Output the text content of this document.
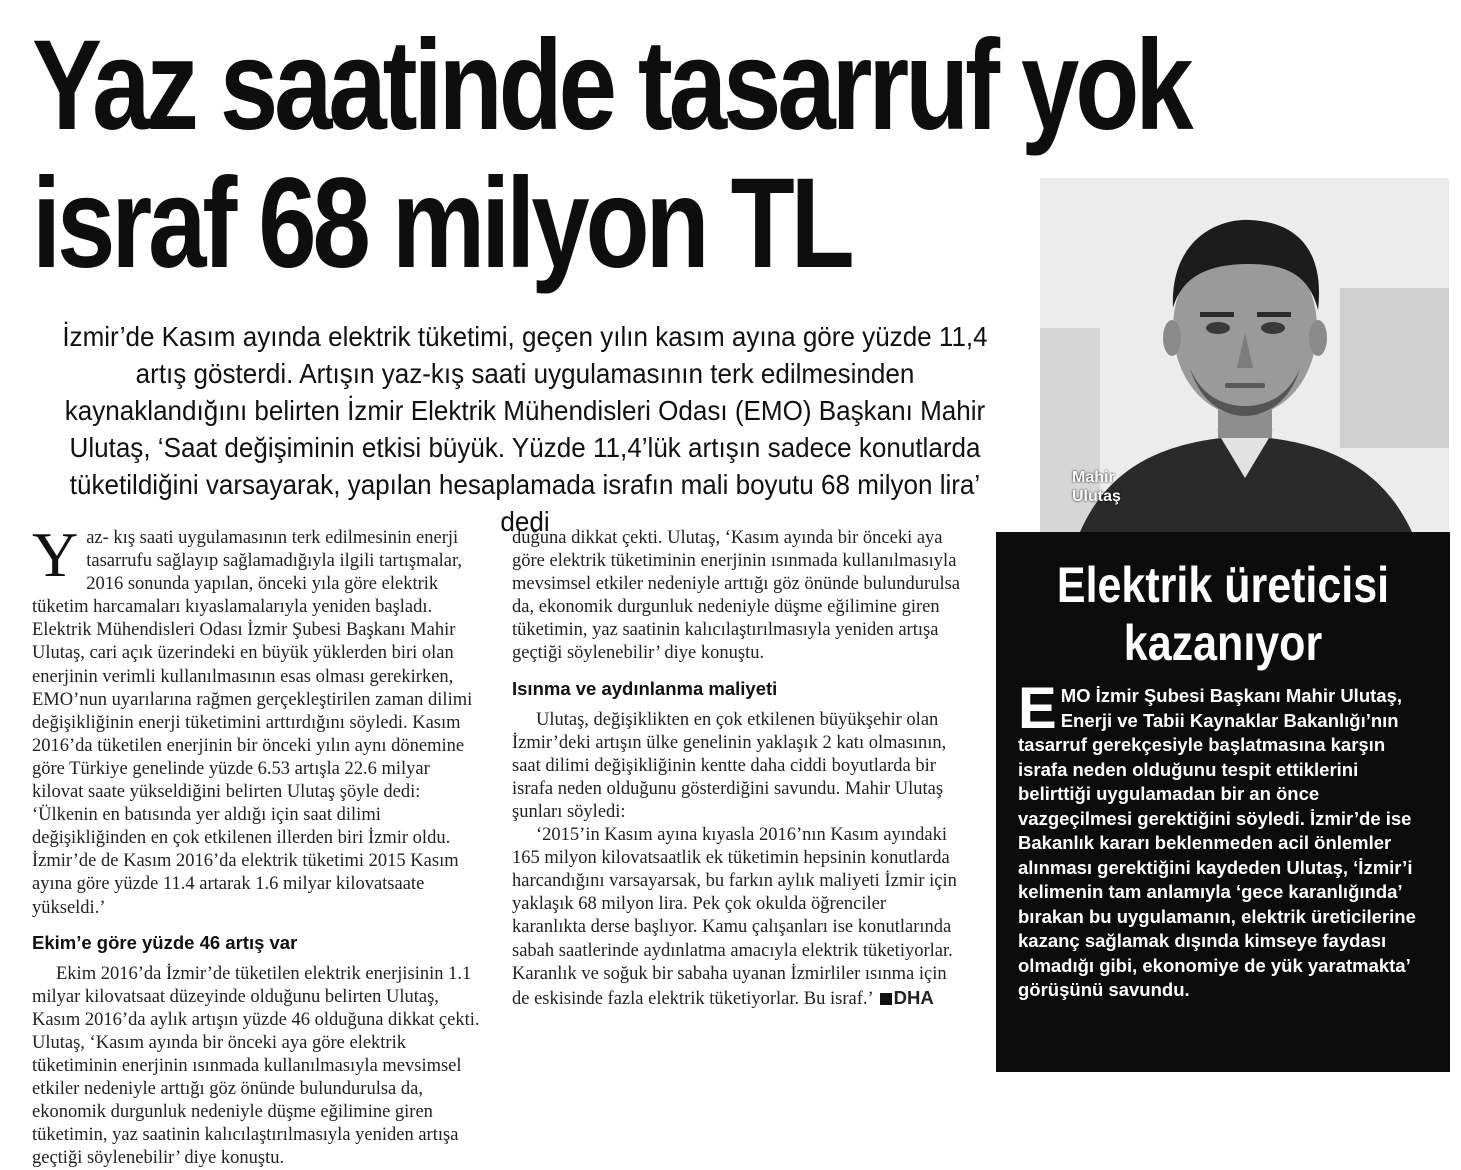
Yaz saatinde tasarruf yok
israf 68 milyon TL
Mahir
Ulutaş
İzmir’de Kasım ayında elektrik tüketimi, geçen yılın kasım ayına göre yüzde 11,4 artış gösterdi. Artışın yaz-kış saati uygulamasının terk edilmesinden kaynaklandığını belirten İzmir Elektrik Mühendisleri Odası (EMO) Başkanı Mahir Ulutaş, ‘Saat değişiminin etkisi büyük. Yüzde 11,4’lük artışın sadece konutlarda tüketildiğini varsayarak, yapılan hesaplamada israfın mali boyutu 68 milyon lira’ dedi

Yaz- kış saati uygulamasının terk edilmesinin enerji tasarrufu sağlayıp sağlamadığıyla ilgili tartışmalar, 2016 sonunda yapılan, önceki yıla göre elektrik tüketim harcamaları kıyaslamalarıyla yeniden başladı. Elektrik Mühendisleri Odası İzmir Şubesi Başkanı Mahir Ulutaş, cari açık üzerindeki en büyük yüklerden biri olan enerjinin verimli kullanılmasının esas olması gerekirken, EMO’nun uyarılarına rağmen gerçekleştirilen zaman dilimi değişikliğinin enerji tüketimini arttırdığını söyledi. Kasım 2016’da tüketilen enerjinin bir önceki yılın aynı dönemine göre Türkiye genelinde yüzde 6.53 artışla 22.6 milyar kilovat saate yükseldiğini belirten Ulutaş şöyle dedi: ‘Ülkenin en batısında yer aldığı için saat dilimi değişikliğinden en çok etkilenen illerden biri İzmir oldu. İzmir’de de Kasım 2016’da elektrik tüketimi 2015 Kasım ayına göre yüzde 11.4 artarak 1.6 milyar kilovatsaate yükseldi.’

Ekim’e göre yüzde 46 artış var

Ekim 2016’da İzmir’de tüketilen elektrik enerjisinin 1.1 milyar kilovatsaat düzeyinde olduğunu belirten Ulutaş, Kasım 2016’da aylık artışın yüzde 46 olduğuna dikkat çekti. Ulutaş, ‘Kasım ayında bir önceki aya göre elektrik tüketiminin enerjinin ısınmada kullanılmasıyla mevsimsel etkiler nedeniyle arttığı göz önünde bulundurulsa da, ekonomik durgunluk nedeniyle düşme eğilimine giren tüketimin, yaz saatinin kalıcılaştırılmasıyla yeniden artışa geçtiği söylenebilir’ diye konuştu.

duğuna dikkat çekti. Ulutaş, ‘Kasım ayında bir önceki aya göre elektrik tüketiminin enerjinin ısınmada kullanılmasıyla mevsimsel etkiler nedeniyle arttığı göz önünde bulundurulsa da, ekonomik durgunluk nedeniyle düşme eğilimine giren tüketimin, yaz saatinin kalıcılaştırılmasıyla yeniden artışa geçtiği söylenebilir’ diye konuştu.

Isınma ve aydınlanma maliyeti

Ulutaş, değişiklikten en çok etkilenen büyükşehir olan İzmir’deki artışın ülke genelinin yaklaşık 2 katı olmasının, saat dilimi değişikliğinin kentte daha ciddi boyutlarda bir israfa neden olduğunu gösterdiğini savundu. Mahir Ulutaş şunları söyledi:

‘2015’in Kasım ayına kıyasla 2016’nın Kasım ayındaki 165 milyon kilovatsaatlik ek tüketimin hepsinin konutlarda harcandığını varsayarsak, bu farkın aylık maliyeti İzmir için yaklaşık 68 milyon lira. Pek çok okulda öğrenciler karanlıkta derse başlıyor. Kamu çalışanları ise konutlarında sabah saatlerinde aydınlatma amacıyla elektrik tüketiyorlar. Karanlık ve soğuk bir sabaha uyanan İzmirliler ısınma için de eskisinde fazla elektrik tüketiyorlar. Bu israf.’ DHA

Elektrik üreticisi
kazanıyor
EMO İzmir Şubesi Başkanı Mahir Ulutaş, Enerji ve Tabii Kaynaklar Bakanlığı’nın tasarruf gerekçesiyle başlatmasına karşın israfa neden olduğunu tespit ettiklerini belirttiği uygulamadan bir an önce vazgeçilmesi gerektiğini söyledi. İzmir’de ise Bakanlık kararı beklenmeden acil önlemler alınması gerektiğini kaydeden Ulutaş, ‘İzmir’i kelimenin tam anlamıyla ‘gece karanlığında’ bırakan bu uygulamanın, elektrik üreticilerine kazanç sağlamak dışında kimseye faydası olmadığı gibi, ekonomiye de yük yaratmakta’ görüşünü savundu.
